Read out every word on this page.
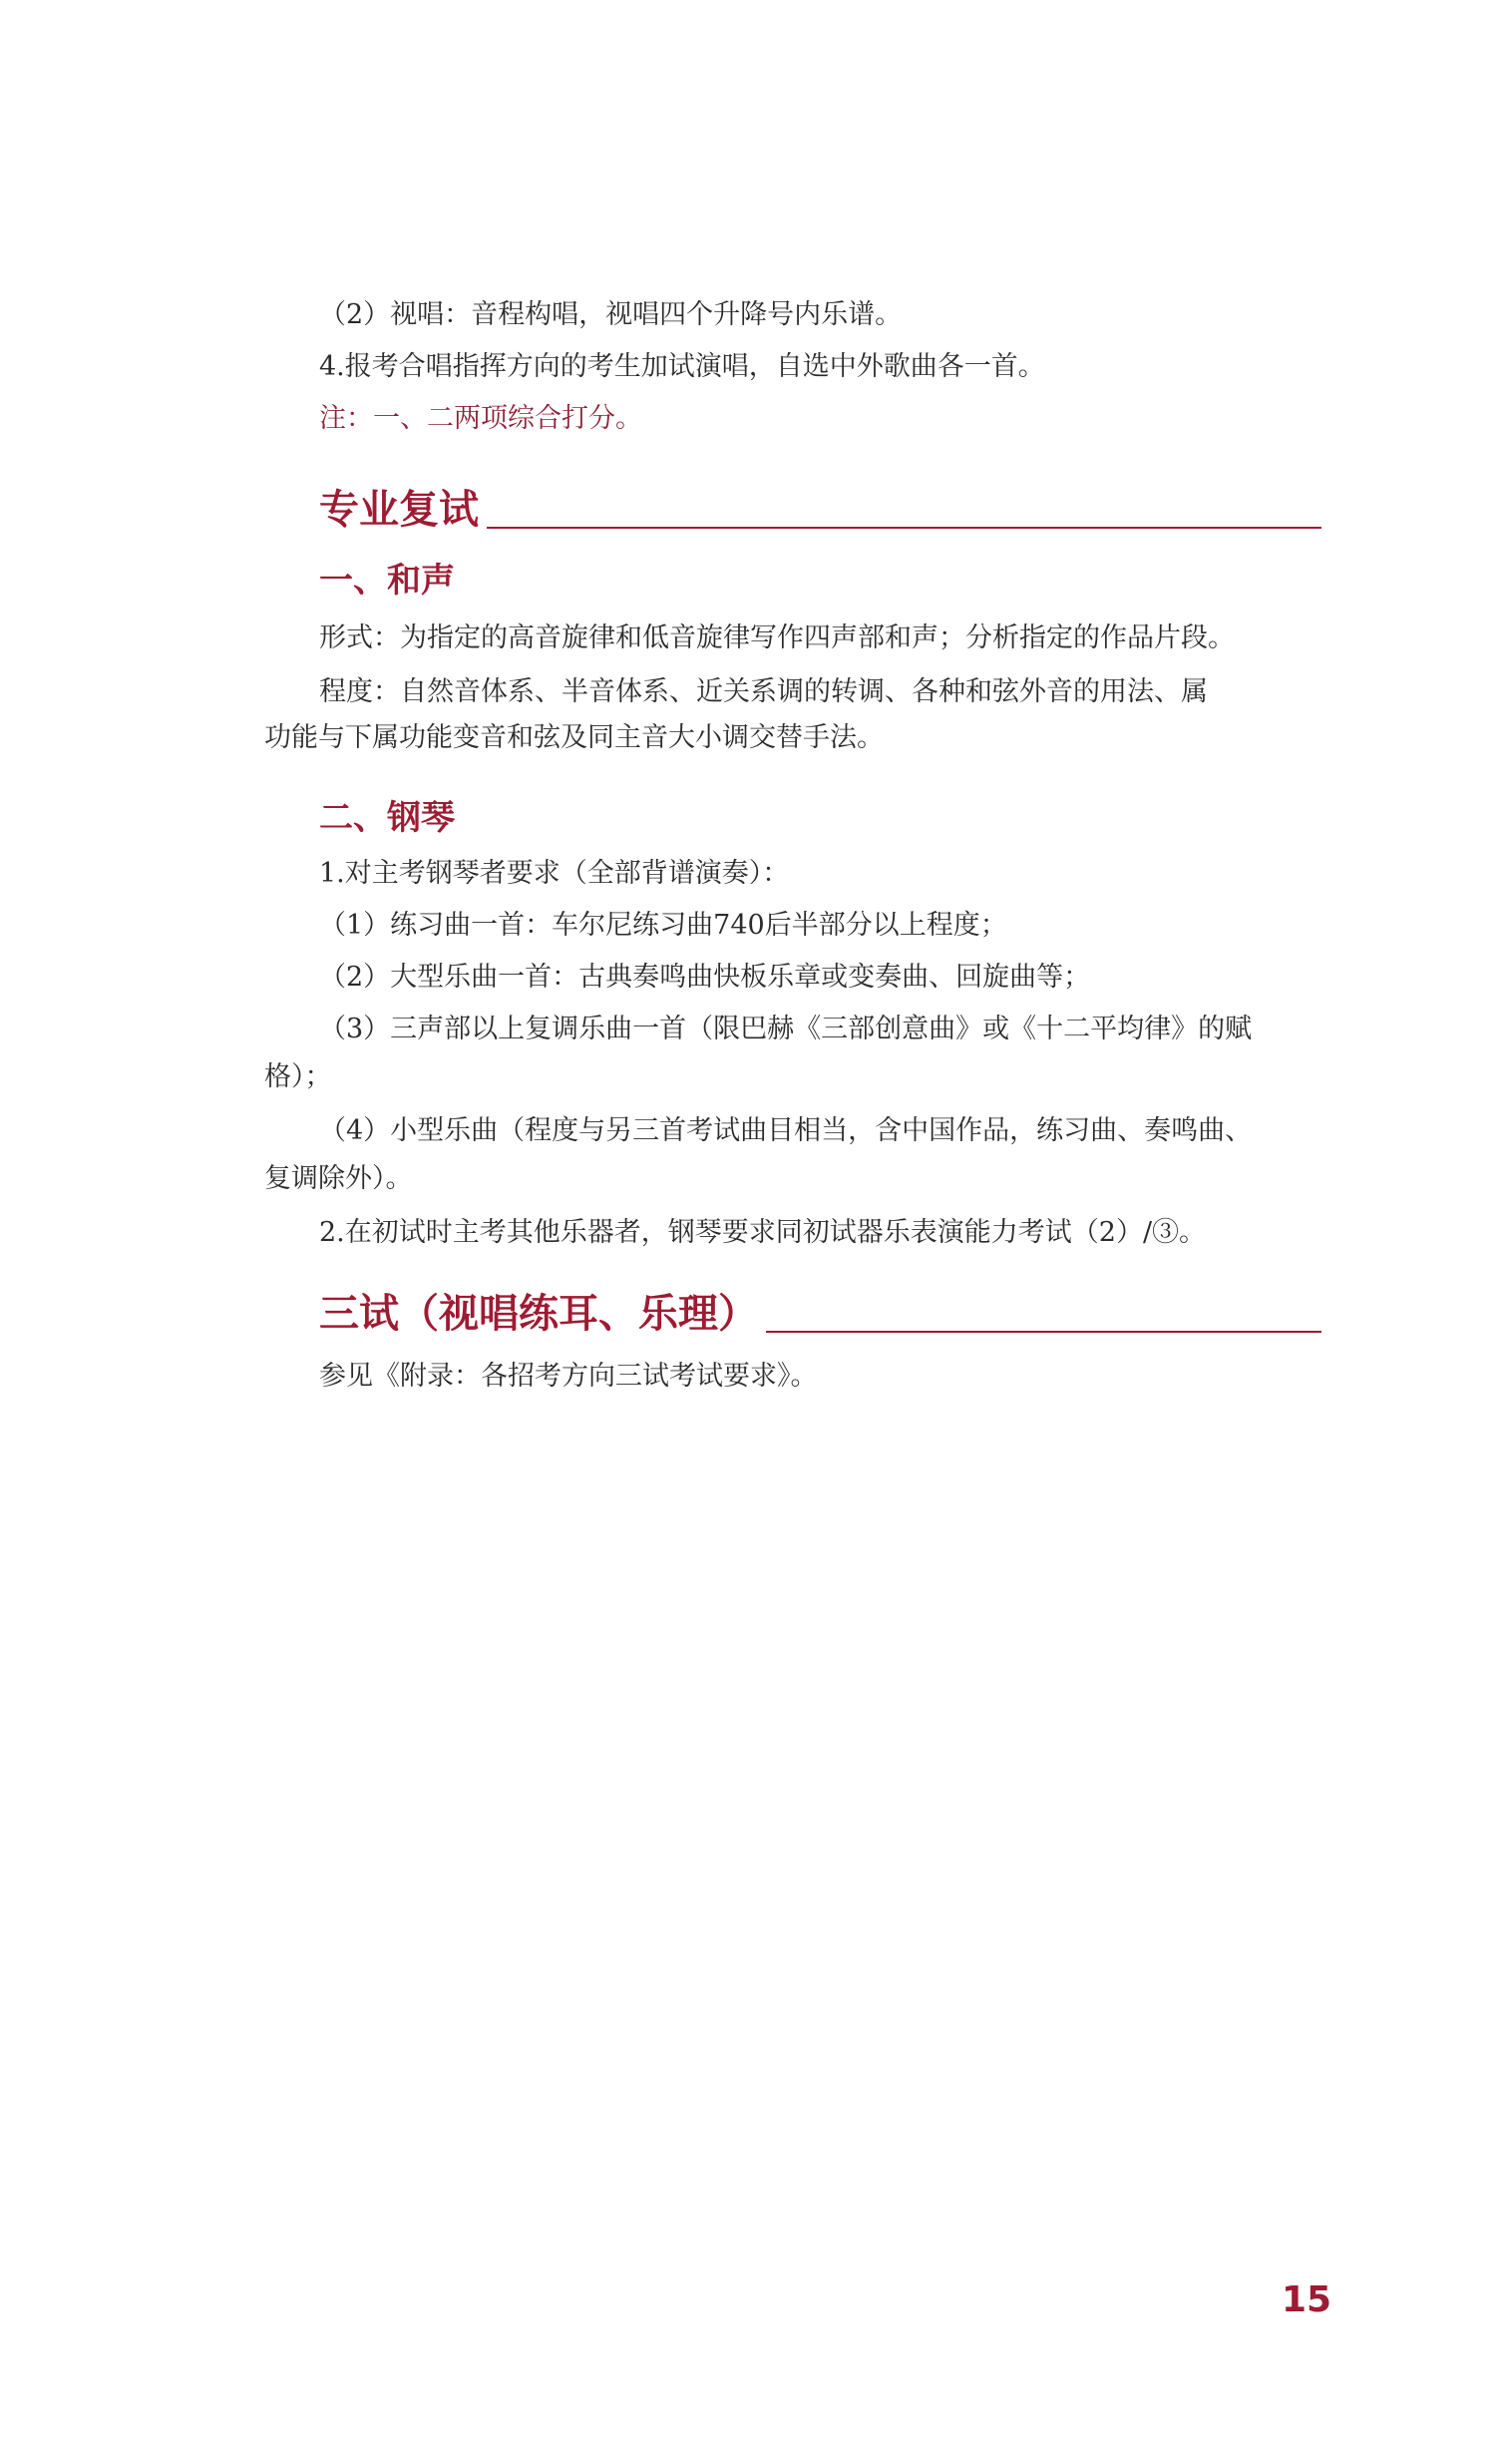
（2）视唱：音程构唱，视唱四个升降号内乐谱。
4.报考合唱指挥方向的考生加试演唱，自选中外歌曲各一首。
注：一、二两项综合打分。
专业复试
一、和声
形式：为指定的高音旋律和低音旋律写作四声部和声；分析指定的作品片段。
程度：自然音体系、半音体系、近关系调的转调、各种和弦外音的用法、属
功能与下属功能变音和弦及同主音大小调交替手法。
二、钢琴
1.对主考钢琴者要求（全部背谱演奏）：
（1）练习曲一首：车尔尼练习曲740后半部分以上程度；
（2）大型乐曲一首：古典奏鸣曲快板乐章或变奏曲、回旋曲等；
（3）三声部以上复调乐曲一首（限巴赫《三部创意曲》或《十二平均律》的赋
格）；
（4）小型乐曲（程度与另三首考试曲目相当，含中国作品，练习曲、奏鸣曲、
复调除外）。
2.在初试时主考其他乐器者，钢琴要求同初试器乐表演能力考试（2）/③。
三试（视唱练耳、乐理）
参见《附录：各招考方向三试考试要求》。
15
